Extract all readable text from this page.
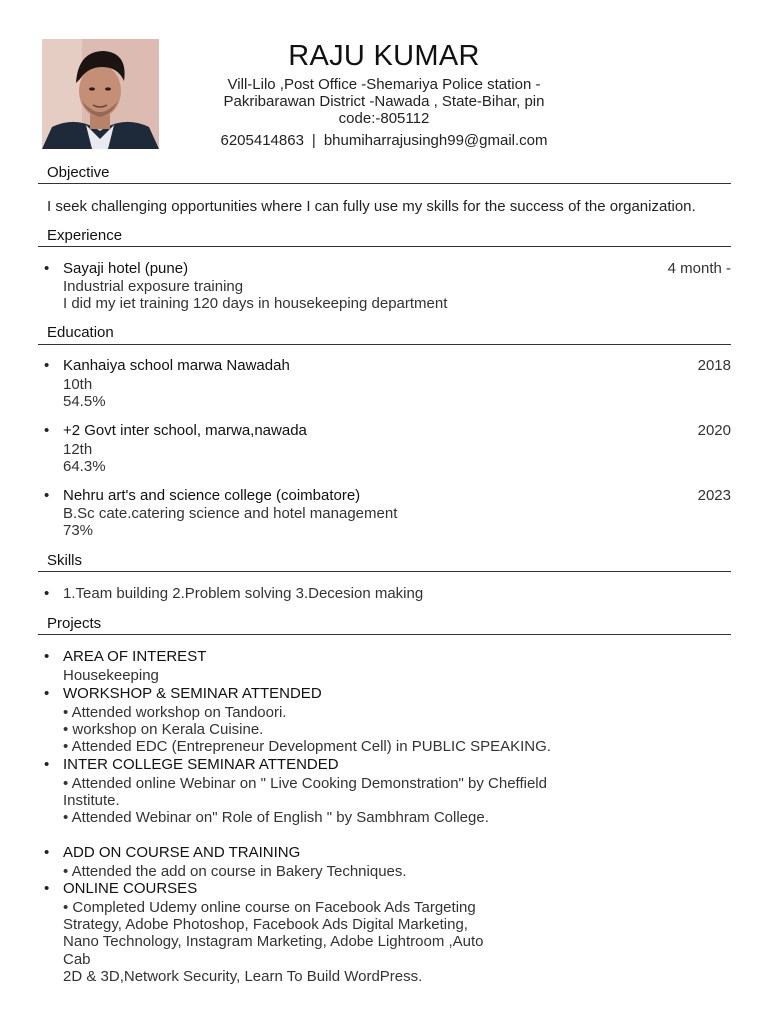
RAJU KUMAR
Vill-Lilo ,Post Office -Shemariya Police station -
Pakribarawan District -Nawada , State-Bihar, pin
code:-805112
6205414863 | bhumiharrajusingh99@gmail.com
Objective
I seek challenging opportunities where I can fully use my skills for the success of the organization.
Experience
• Sayaji hotel (pune)	4 month -
Industrial exposure training
I did my iet training 120 days in housekeeping department
Education
• Kanhaiya school marwa Nawadah	2018
10th
54.5%
• +2 Govt inter school, marwa,nawada	2020
12th
64.3%
• Nehru art's and science college (coimbatore)	2023
B.Sc cate.catering science and hotel management
73%
Skills
• 1.Team building 2.Problem solving 3.Decesion making
Projects
• AREA OF INTEREST
Housekeeping
• WORKSHOP & SEMINAR ATTENDED
• Attended workshop on Tandoori.
• workshop on Kerala Cuisine.
• Attended EDC (Entrepreneur Development Cell) in PUBLIC SPEAKING.
• INTER COLLEGE SEMINAR ATTENDED
• Attended online Webinar on " Live Cooking Demonstration" by Cheffield
Institute.
• Attended Webinar on" Role of English " by Sambhram College.
• ADD ON COURSE AND TRAINING
• Attended the add on course in Bakery Techniques.
• ONLINE COURSES
• Completed Udemy online course on Facebook Ads Targeting
Strategy, Adobe Photoshop, Facebook Ads Digital Marketing,
Nano Technology, Instagram Marketing, Adobe Lightroom ,Auto
Cab
2D & 3D,Network Security, Learn To Build WordPress.
